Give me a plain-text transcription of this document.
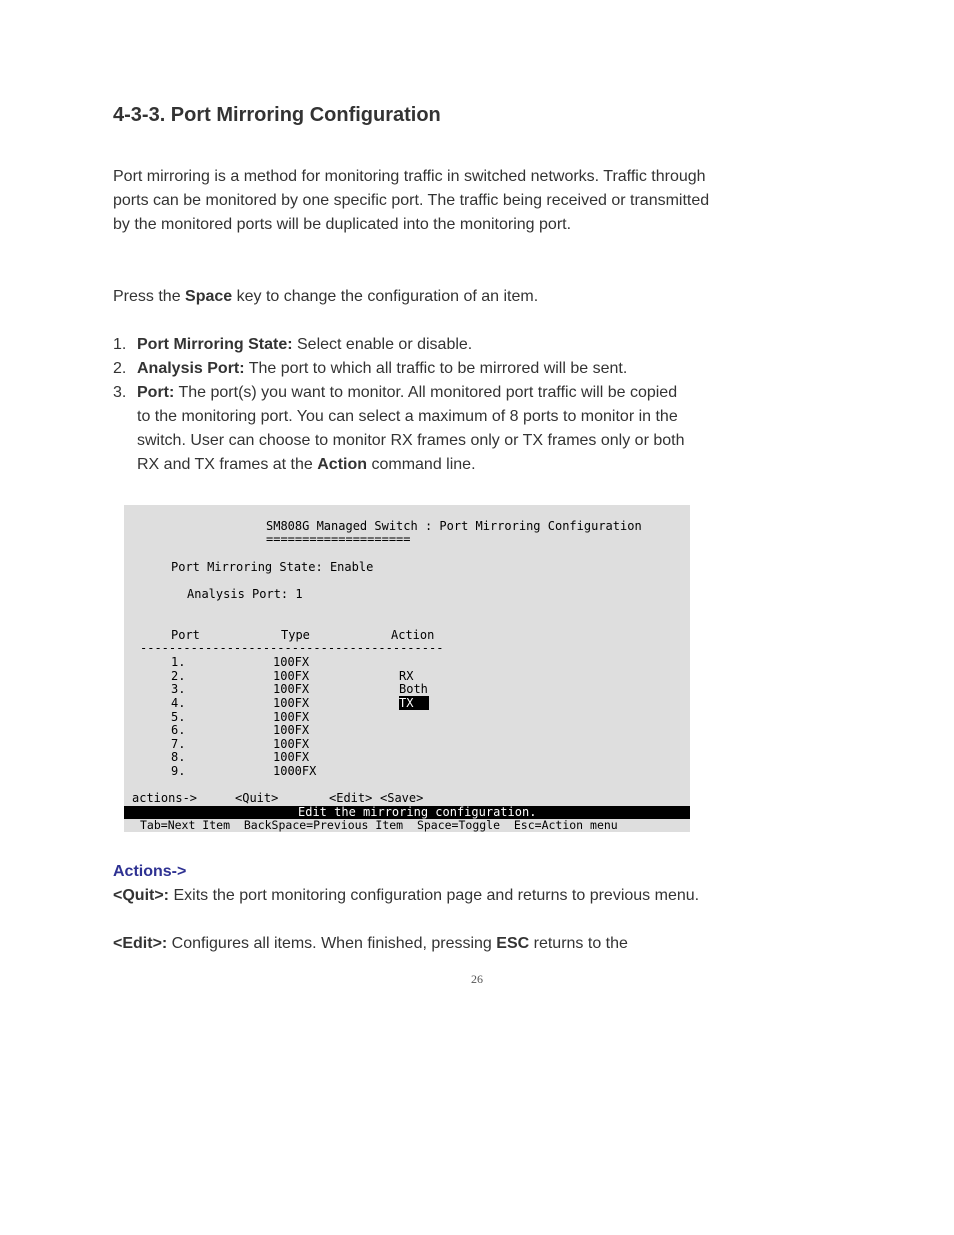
4-3-3. Port Mirroring Configuration

Port mirroring is a method for monitoring traffic in switched networks. Traffic through ports can be monitored by one specific port. The traffic being received or transmitted by the monitored ports will be duplicated into the monitoring port.

Press the Space key to change the configuration of an item.

1. Port Mirroring State: Select enable or disable.
2. Analysis Port: The port to which all traffic to be mirrored will be sent.
3. Port: The port(s) you want to monitor. All monitored port traffic will be copied to the monitoring port. You can select a maximum of 8 ports to monitor in the switch. User can choose to monitor RX frames only or TX frames only or both RX and TX frames at the Action command line.
SM808G Managed Switch : Port Mirroring Configuration
====================
Port Mirroring State: Enable
Analysis Port: 1
Port	Type	Action
------------------------------------------
1.	100FX
2.	100FX	RX
3.	100FX	Both
4.	100FX	TX
5.	100FX
6.	100FX
7.	100FX
8.	100FX
9.	1000FX
actions->	<Quit>	<Edit> <Save>
Edit the mirroring configuration.
Tab=Next Item  BackSpace=Previous Item  Space=Toggle  Esc=Action menu

Actions->

<Quit>: Exits the port monitoring configuration page and returns to previous menu.

<Edit>: Configures all items. When finished, pressing ESC returns to the

26
